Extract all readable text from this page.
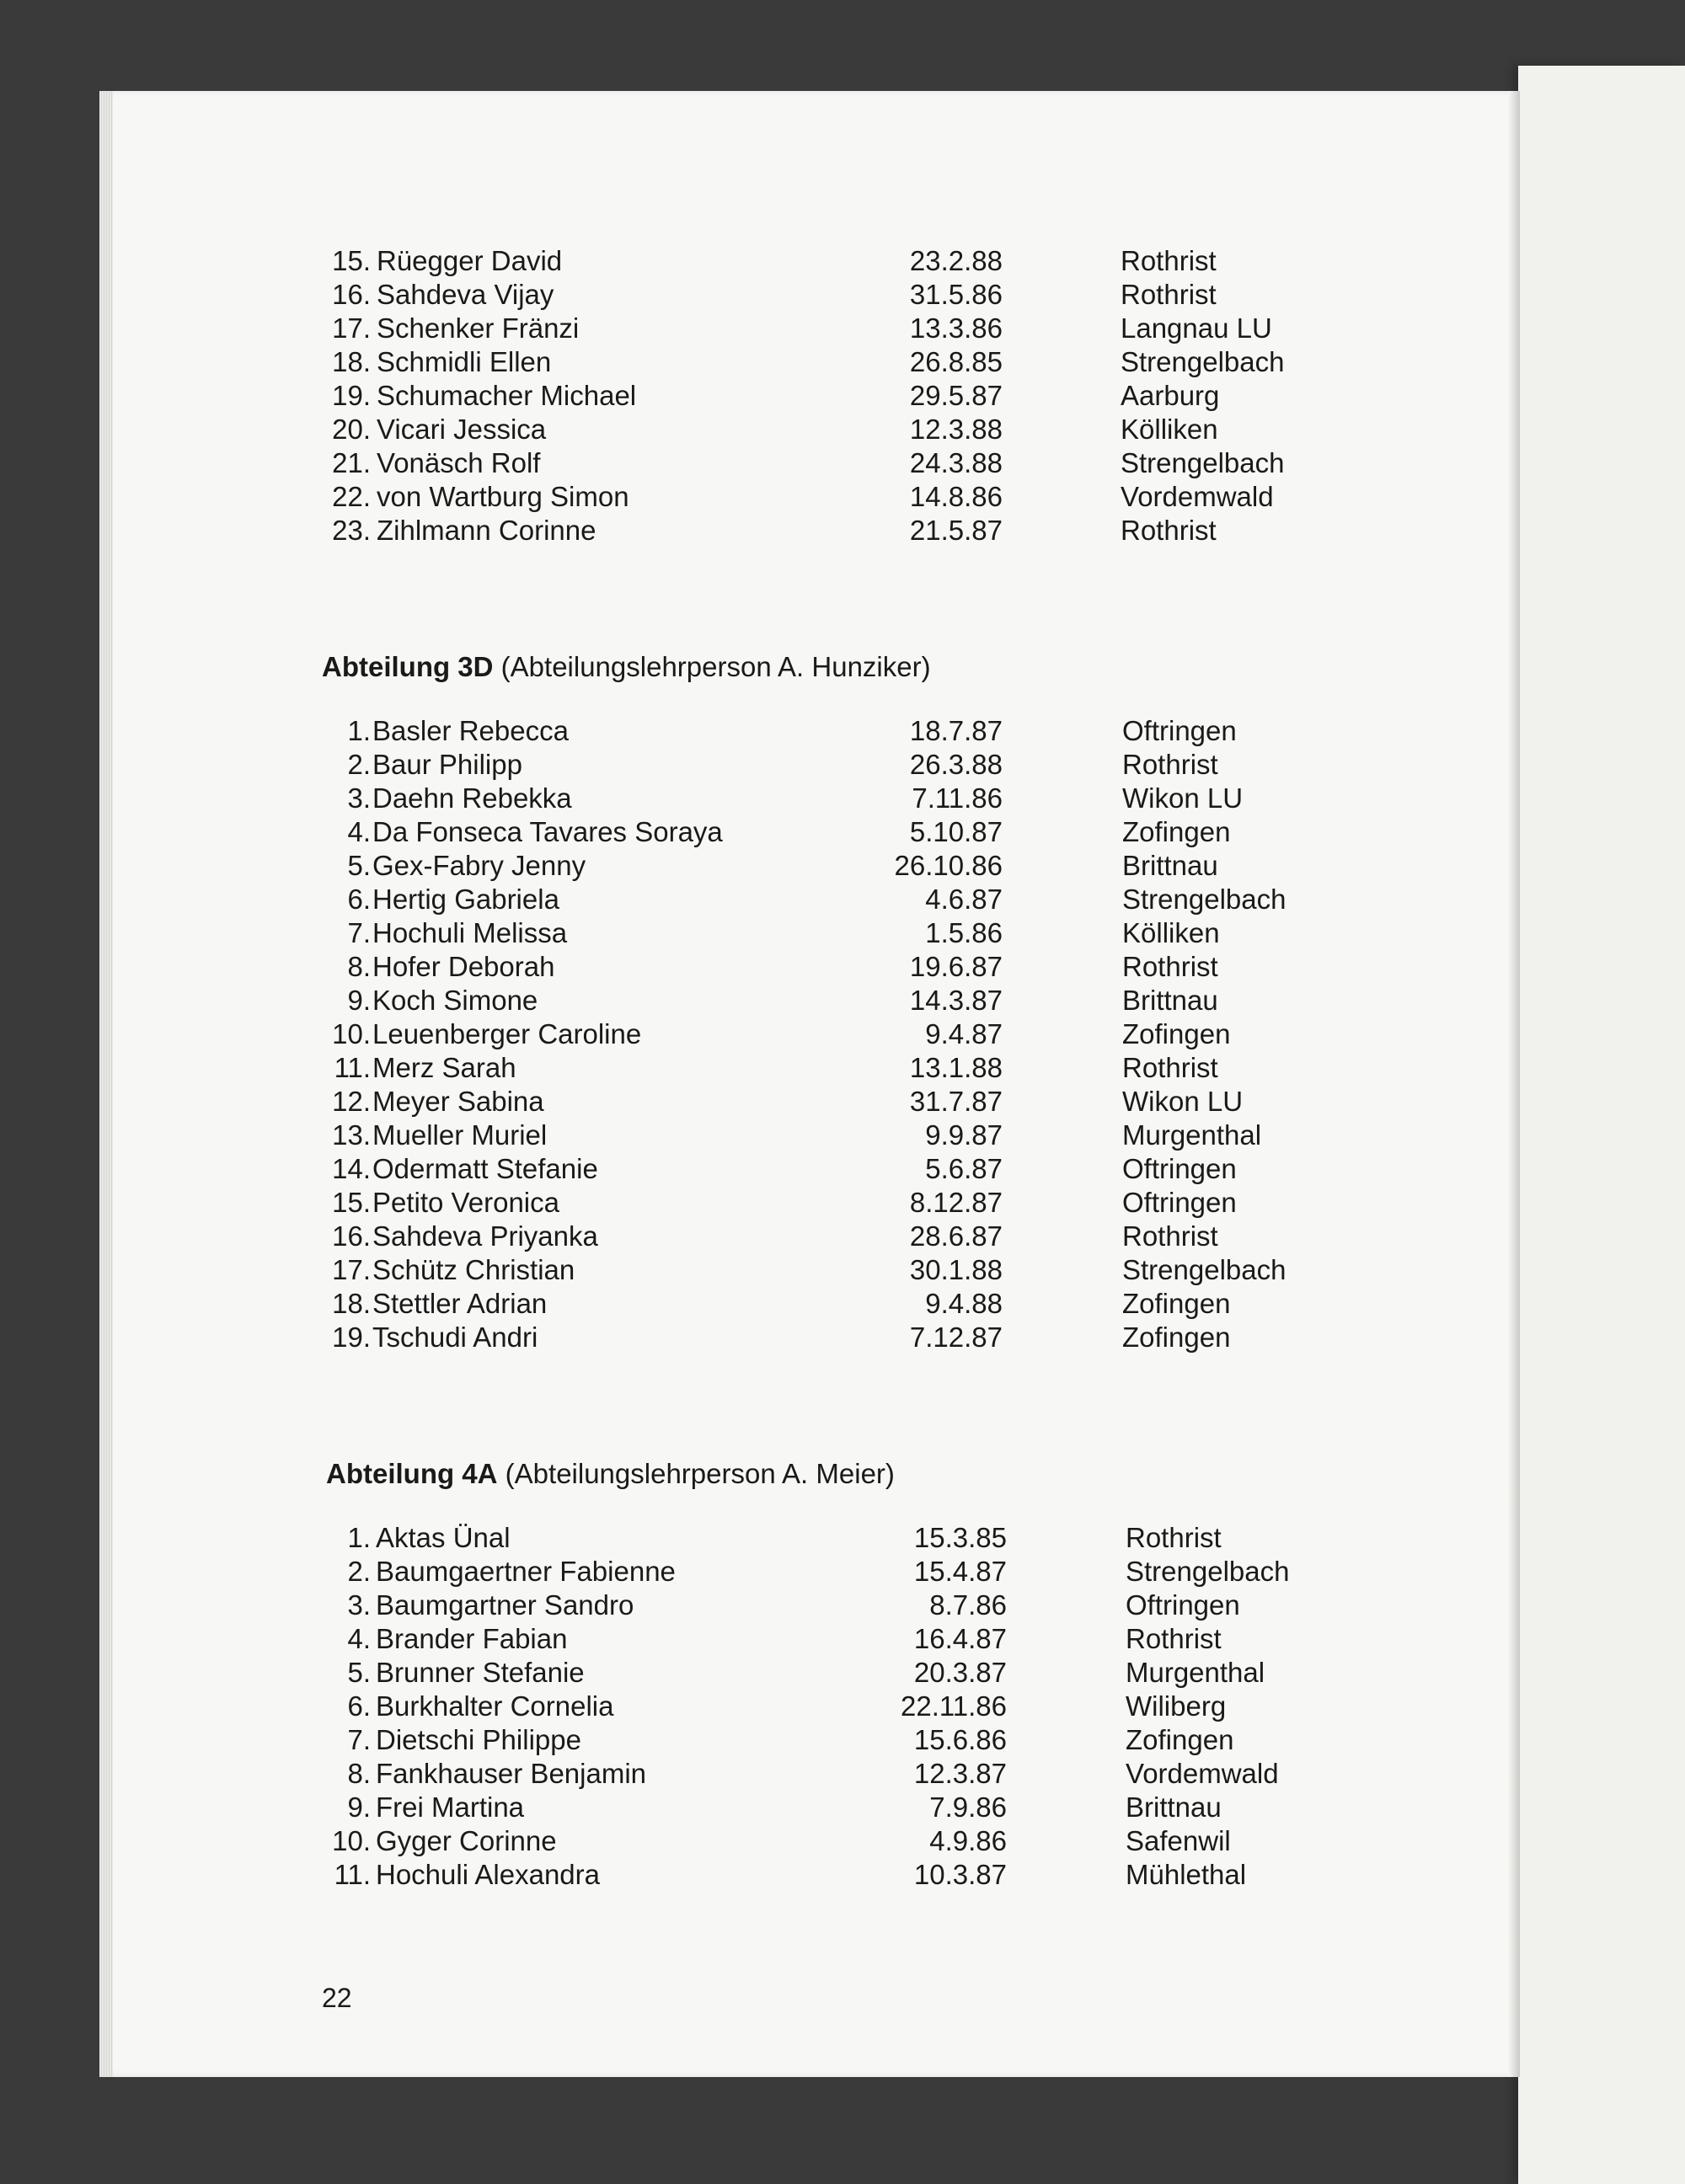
15. Rüegger David	23.2.88	Rothrist
16. Sahdeva Vijay	31.5.86	Rothrist
17. Schenker Fränzi	13.3.86	Langnau LU
18. Schmidli Ellen	26.8.85	Strengelbach
19. Schumacher Michael	29.5.87	Aarburg
20. Vicari Jessica	12.3.88	Kölliken
21. Vonäsch Rolf	24.3.88	Strengelbach
22. von Wartburg Simon	14.8.86	Vordemwald
23. Zihlmann Corinne	21.5.87	Rothrist
Abteilung 3D (Abteilungslehrperson A. Hunziker)
1. Basler Rebecca	18.7.87	Oftringen
2. Baur Philipp	26.3.88	Rothrist
3. Daehn Rebekka	7.11.86	Wikon LU
4. Da Fonseca Tavares Soraya	5.10.87	Zofingen
5. Gex-Fabry Jenny	26.10.86	Brittnau
6. Hertig Gabriela	4.6.87	Strengelbach
7. Hochuli Melissa	1.5.86	Kölliken
8. Hofer Deborah	19.6.87	Rothrist
9. Koch Simone	14.3.87	Brittnau
10. Leuenberger Caroline	9.4.87	Zofingen
11. Merz Sarah	13.1.88	Rothrist
12. Meyer Sabina	31.7.87	Wikon LU
13. Mueller Muriel	9.9.87	Murgenthal
14. Odermatt Stefanie	5.6.87	Oftringen
15. Petito Veronica	8.12.87	Oftringen
16. Sahdeva Priyanka	28.6.87	Rothrist
17. Schütz Christian	30.1.88	Strengelbach
18. Stettler Adrian	9.4.88	Zofingen
19. Tschudi Andri	7.12.87	Zofingen
Abteilung 4A (Abteilungslehrperson A. Meier)
1. Aktas Ünal	15.3.85	Rothrist
2. Baumgaertner Fabienne	15.4.87	Strengelbach
3. Baumgartner Sandro	8.7.86	Oftringen
4. Brander Fabian	16.4.87	Rothrist
5. Brunner Stefanie	20.3.87	Murgenthal
6. Burkhalter Cornelia	22.11.86	Wiliberg
7. Dietschi Philippe	15.6.86	Zofingen
8. Fankhauser Benjamin	12.3.87	Vordemwald
9. Frei Martina	7.9.86	Brittnau
10. Gyger Corinne	4.9.86	Safenwil
11. Hochuli Alexandra	10.3.87	Mühlethal
22
